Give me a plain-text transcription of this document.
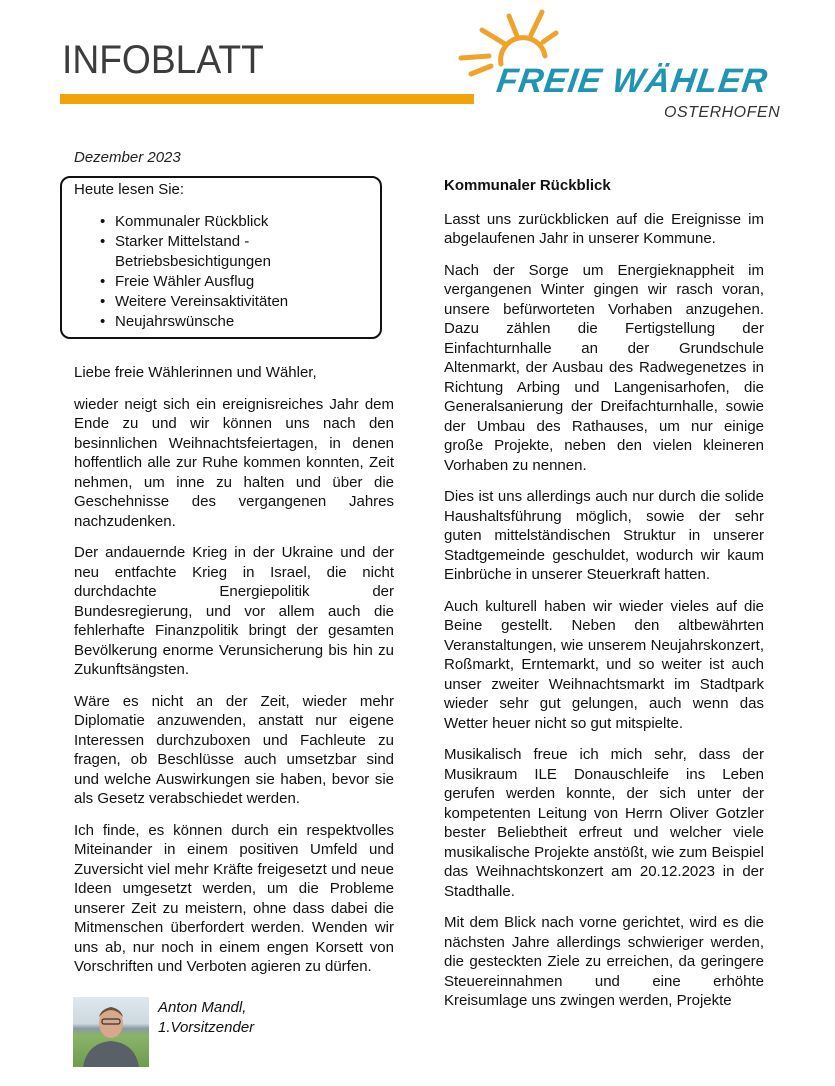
INFOBLATT	FREIE WÄHLER
OSTERHOFEN
Dezember 2023
Heute lesen Sie:
• Kommunaler Rückblick
• Starker Mittelstand - Betriebsbesichtigungen
• Freie Wähler Ausflug
• Weitere Vereinsaktivitäten
• Neujahrswünsche

Liebe freie Wählerinnen und Wähler,

wieder neigt sich ein ereignisreiches Jahr dem Ende zu und wir können uns nach den besinnlichen Weihnachtsfeiertagen, in denen hoffentlich alle zur Ruhe kommen konnten, Zeit nehmen, um inne zu halten und über die Geschehnisse des vergangenen Jahres nachzudenken.

Der andauernde Krieg in der Ukraine und der neu entfachte Krieg in Israel, die nicht durchdachte Energiepolitik der Bundesregierung, und vor allem auch die fehlerhafte Finanzpolitik bringt der gesamten Bevölkerung enorme Verunsicherung bis hin zu Zukunftsängsten.

Wäre es nicht an der Zeit, wieder mehr Diplomatie anzuwenden, anstatt nur eigene Interessen durchzuboxen und Fachleute zu fragen, ob Beschlüsse auch umsetzbar sind und welche Auswirkungen sie haben, bevor sie als Gesetz verabschiedet werden.

Ich finde, es können durch ein respektvolles Miteinander in einem positiven Umfeld und Zuversicht viel mehr Kräfte freigesetzt und neue Ideen umgesetzt werden, um die Probleme unserer Zeit zu meistern, ohne dass dabei die Mitmenschen überfordert werden. Wenden wir uns ab, nur noch in einem engen Korsett von Vorschriften und Verboten agieren zu dürfen.

Anton Mandl,
1.Vorsitzender
Kommunaler Rückblick

Lasst uns zurückblicken auf die Ereignisse im abgelaufenen Jahr in unserer Kommune.

Nach der Sorge um Energieknappheit im vergangenen Winter gingen wir rasch voran, unsere befürworteten Vorhaben anzugehen. Dazu zählen die Fertigstellung der Einfachturnhalle an der Grundschule Altenmarkt, der Ausbau des Radwegenetzes in Richtung Arbing und Langenisarhofen, die Generalsanierung der Dreifachturnhalle, sowie der Umbau des Rathauses, um nur einige große Projekte, neben den vielen kleineren Vorhaben zu nennen.

Dies ist uns allerdings auch nur durch die solide Haushaltsführung möglich, sowie der sehr guten mittelständischen Struktur in unserer Stadtgemeinde geschuldet, wodurch wir kaum Einbrüche in unserer Steuerkraft hatten.

Auch kulturell haben wir wieder vieles auf die Beine gestellt. Neben den altbewährten Veranstaltungen, wie unserem Neujahrskonzert, Roßmarkt, Erntemarkt, und so weiter ist auch unser zweiter Weihnachtsmarkt im Stadtpark wieder sehr gut gelungen, auch wenn das Wetter heuer nicht so gut mitspielte.

Musikalisch freue ich mich sehr, dass der Musikraum ILE Donauschleife ins Leben gerufen werden konnte, der sich unter der kompetenten Leitung von Herrn Oliver Gotzler bester Beliebtheit erfreut und welcher viele musikalische Projekte anstößt, wie zum Beispiel das Weihnachtskonzert am 20.12.2023 in der Stadthalle.

Mit dem Blick nach vorne gerichtet, wird es die nächsten Jahre allerdings schwieriger werden, die gesteckten Ziele zu erreichen, da geringere Steuereinnahmen und eine erhöhte Kreisumlage uns zwingen werden, Projekte
